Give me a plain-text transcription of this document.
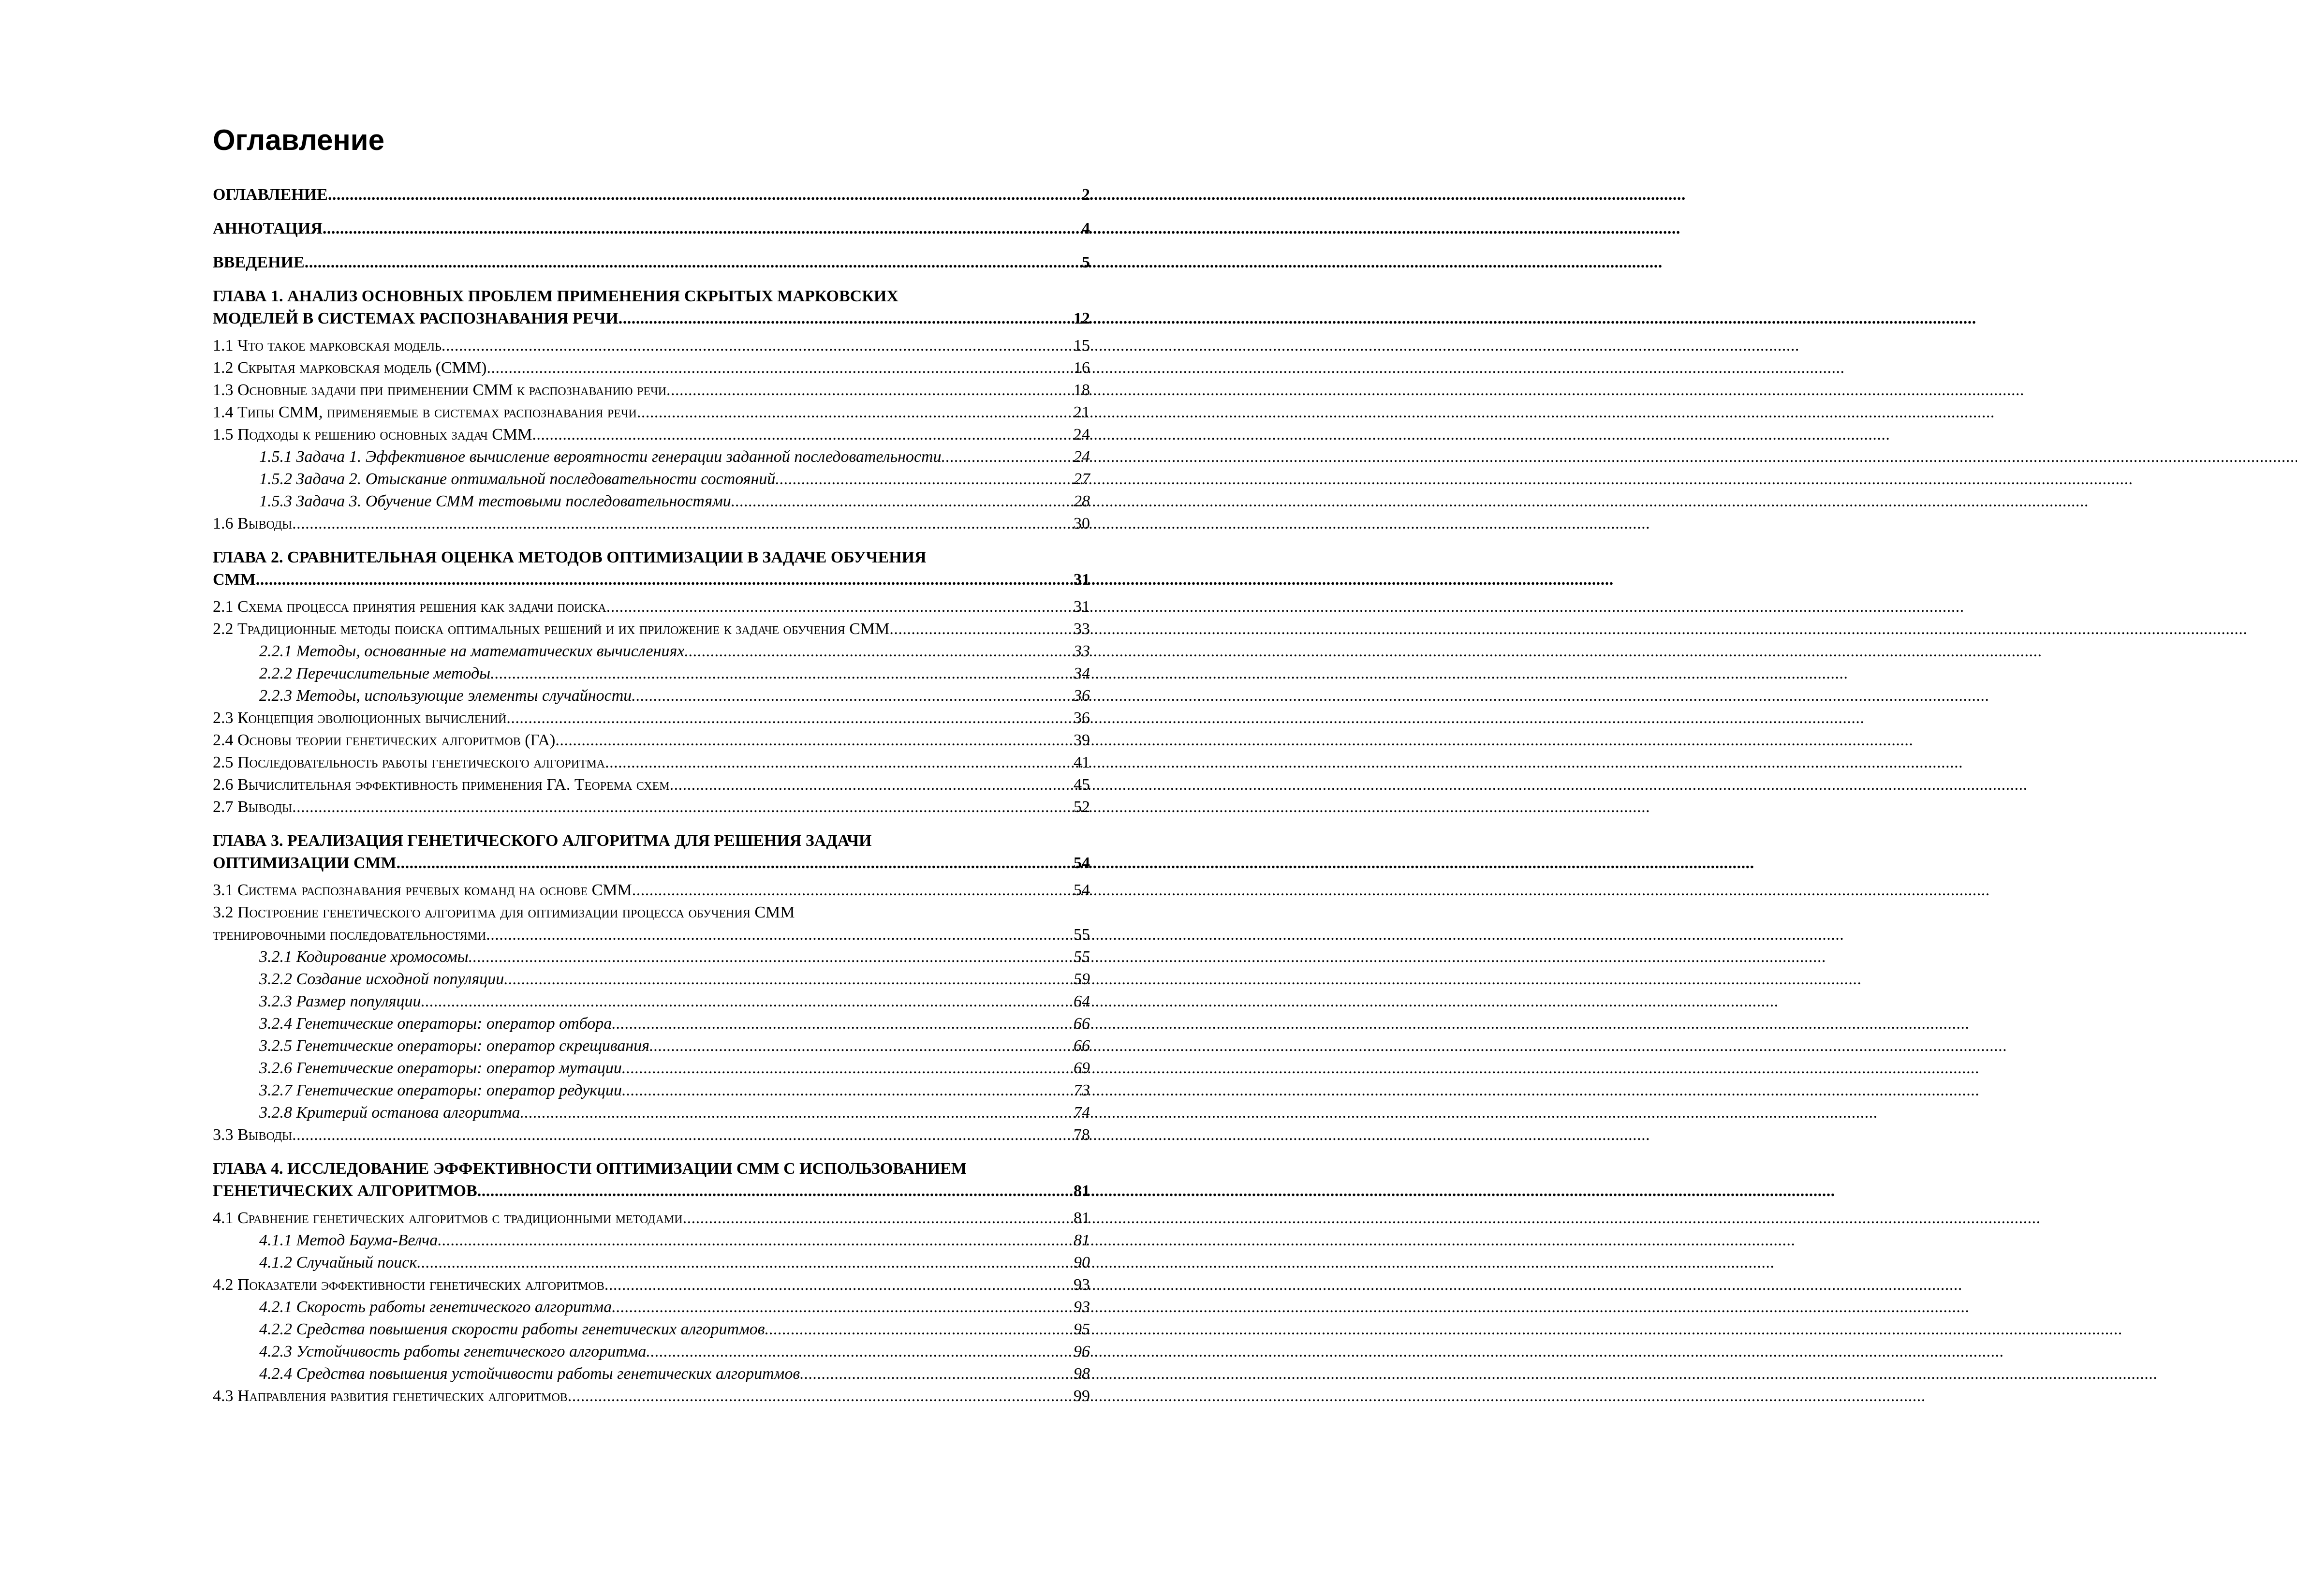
Оглавление
ОГЛАВЛЕНИЕ . . .	2
АННОТАЦИЯ . . .	4
ВВЕДЕНИЕ . . .	5
ГЛАВА 1. АНАЛИЗ ОСНОВНЫХ ПРОБЛЕМ ПРИМЕНЕНИЯ СКРЫТЫХ МАРКОВСКИХ
МОДЕЛЕЙ В СИСТЕМАХ РАСПОЗНАВАНИЯ РЕЧИ . . .	12
1.1 Что такое марковская модель . . .	15
1.2 Скрытая марковская модель (СММ) . . .	16
1.3 Основные задачи при применении СММ к распознаванию речи . . .	18
1.4 Типы СММ, применяемые в системах распознавания речи . . .	21
1.5 Подходы к решению основных задач СММ . . .	24
1.5.1 Задача 1. Эффективное вычисление вероятности генерации заданной последовательности . . .	24
1.5.2 Задача 2. Отыскание оптимальной последовательности состояний . . .	27
1.5.3 Задача 3. Обучение СММ тестовыми последовательностями . . .	28
1.6 Выводы . . .	30
ГЛАВА 2. СРАВНИТЕЛЬНАЯ ОЦЕНКА МЕТОДОВ ОПТИМИЗАЦИИ В ЗАДАЧЕ ОБУЧЕНИЯ
СММ . . .	31
2.1 Схема процесса принятия решения как задачи поиска . . .	31
2.2 Традиционные методы поиска оптимальных решений и их приложение к задаче обучения СММ . . .	33
2.2.1 Методы, основанные на математических вычислениях . . .	33
2.2.2 Перечислительные методы . . .	34
2.2.3 Методы, использующие элементы случайности . . .	36
2.3 Концепция эволюционных вычислений . . .	36
2.4 Основы теории генетических алгоритмов (ГА) . . .	39
2.5 Последовательность работы генетического алгоритма . . .	41
2.6 Вычислительная эффективность применения ГА. Теорема схем . . .	45
2.7 Выводы . . .	52
ГЛАВА 3. РЕАЛИЗАЦИЯ ГЕНЕТИЧЕСКОГО АЛГОРИТМА ДЛЯ РЕШЕНИЯ ЗАДАЧИ
ОПТИМИЗАЦИИ СММ . . .	54
3.1 Система распознавания речевых команд на основе СММ . . .	54
3.2 Построение генетического алгоритма для оптимизации процесса обучения СММ
тренировочными последовательностями . . .	55
3.2.1 Кодирование хромосомы . . .	55
3.2.2 Создание исходной популяции . . .	59
3.2.3 Размер популяции . . .	64
3.2.4 Генетические операторы: оператор отбора . . .	66
3.2.5 Генетические операторы: оператор скрещивания . . .	66
3.2.6 Генетические операторы: оператор мутации . . .	69
3.2.7 Генетические операторы: оператор редукции . . .	73
3.2.8 Критерий останова алгоритма . . .	74
3.3 Выводы . . .	78
ГЛАВА 4. ИССЛЕДОВАНИЕ ЭФФЕКТИВНОСТИ ОПТИМИЗАЦИИ СММ С ИСПОЛЬЗОВАНИЕМ
ГЕНЕТИЧЕСКИХ АЛГОРИТМОВ . . .	81
4.1 Сравнение генетических алгоритмов с традиционными методами . . .	81
4.1.1 Метод Баума-Велча . . .	81
4.1.2 Случайный поиск . . .	90
4.2 Показатели эффективности генетических алгоритмов . . .	93
4.2.1 Скорость работы генетического алгоритма . . .	93
4.2.2 Средства повышения скорости работы генетических алгоритмов . . .	95
4.2.3 Устойчивость работы генетического алгоритма . . .	96
4.2.4 Средства повышения устойчивости работы генетических алгоритмов . . .	98
4.3 Направления развития генетических алгоритмов . . .	99
